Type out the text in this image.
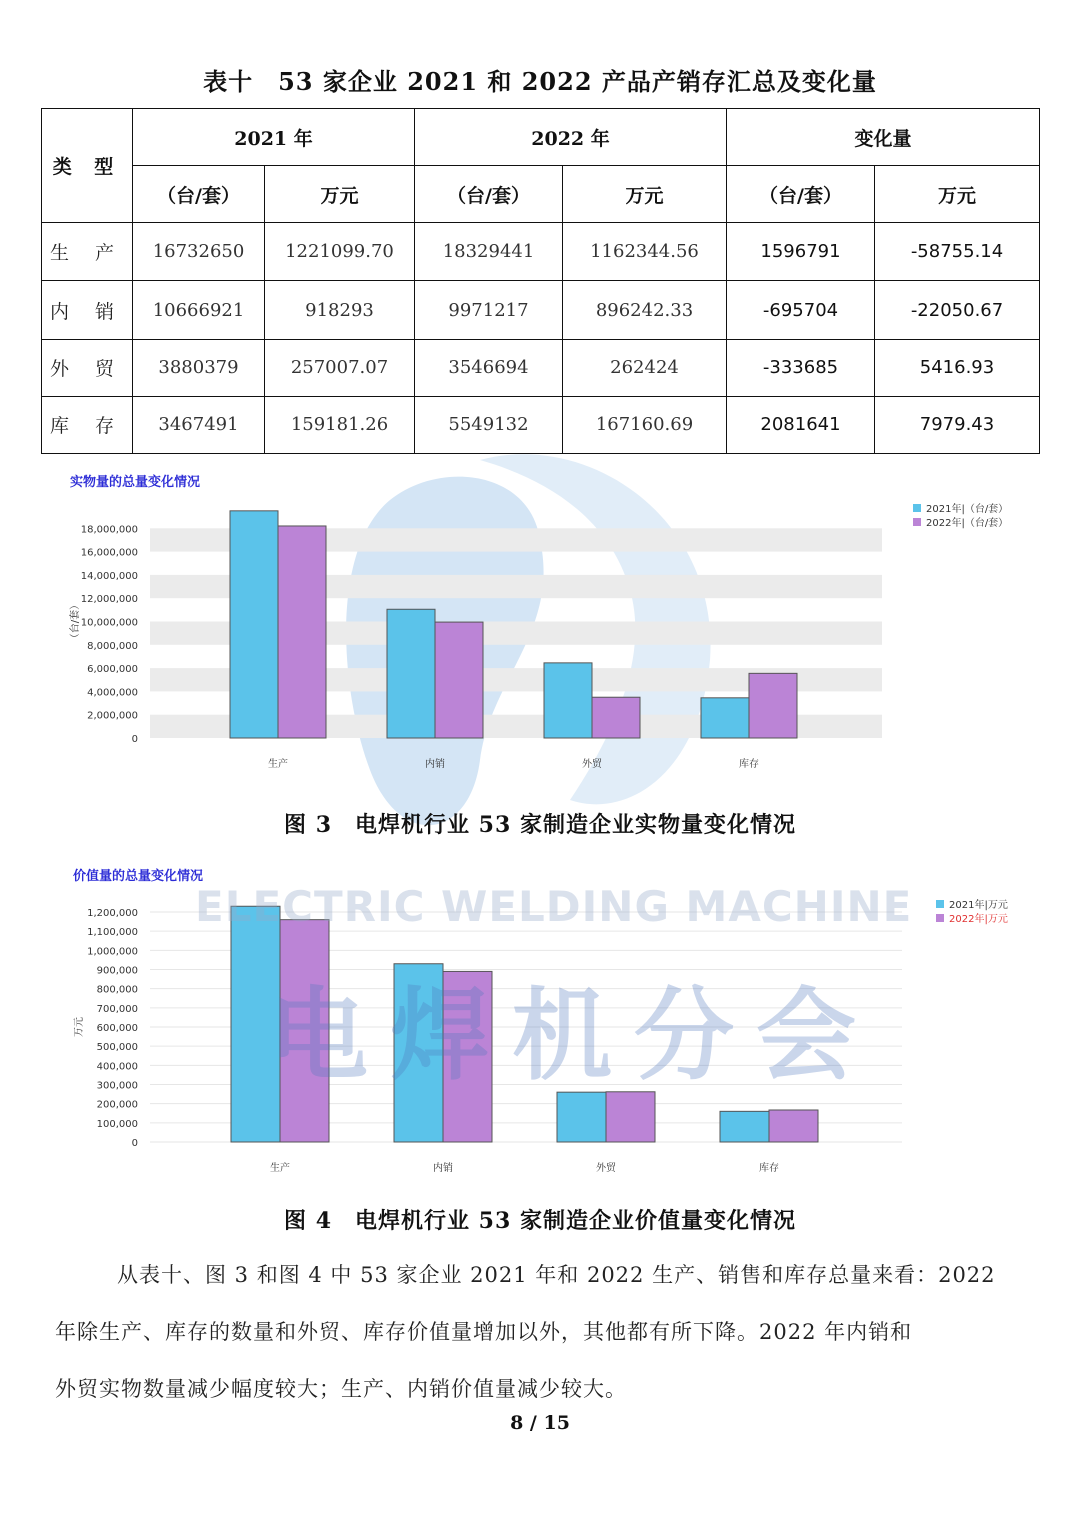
表十　53 家企业 2021 和 2022 产品产销存汇总及变化量
类 型	2021 年		2022 年		变化量	
	（台/套）	万元	（台/套）	万元	（台/套）	万元
生 产	16732650	1221099.70	18329441	1162344.56	1596791	-58755.14
内 销	10666921	918293	9971217	896242.33	-695704	-22050.67
外 贸	3880379	257007.07	3546694	262424	-333685	5416.93
库 存	3467491	159181.26	5549132	167160.69	2081641	7979.43
实物量的总量变化情况
0
2,000,000
4,000,000
6,000,000
8,000,000
10,000,000
12,000,000
14,000,000
16,000,000
18,000,000
（台/套）
生产	内销	外贸	库存
2021年|（台/套）
2022年|（台/套）
图 3　电焊机行业 53 家制造企业实物量变化情况
价值量的总量变化情况
0
100,000
200,000
300,000
400,000
500,000
600,000
700,000
800,000
900,000
1,000,000
1,100,000
1,200,000
万元
生产	内销	外贸	库存
2021年|万元
2022年|万元
ELECTRIC WELDING MACHINE
电焊机分会
图 4　电焊机行业 53 家制造企业价值量变化情况
从表十、图 3 和图 4 中 53 家企业 2021 年和 2022 生产、销售和库存总量来看：2022
年除生产、库存的数量和外贸、库存价值量增加以外，其他都有所下降。2022 年内销和
外贸实物数量减少幅度较大；生产、内销价值量减少较大。
8 / 15
